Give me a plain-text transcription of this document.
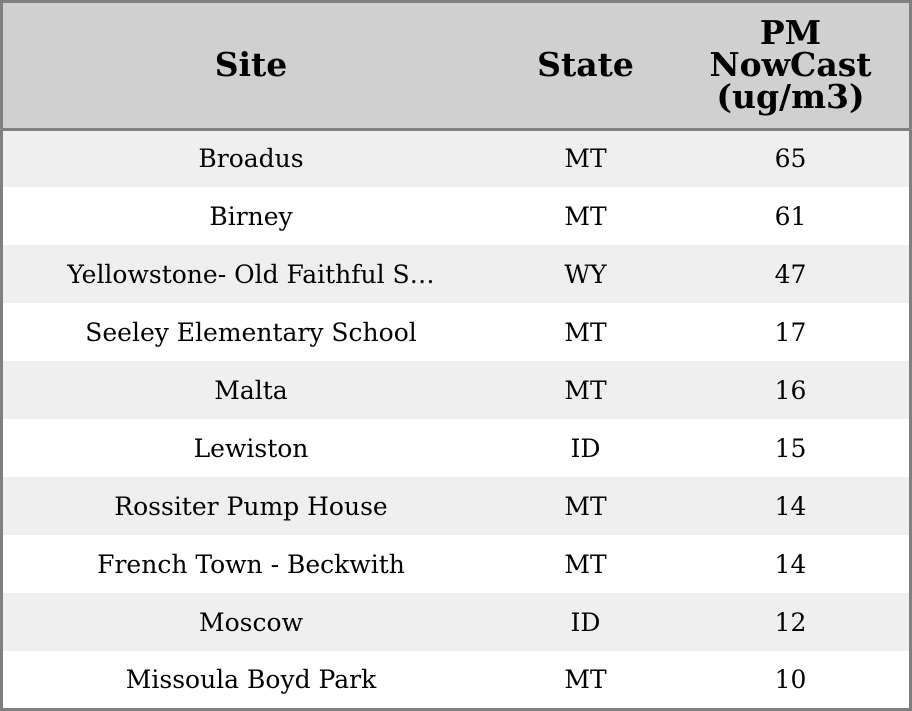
Site	State	PM NowCast (ug/m3)
Broadus	MT	65
Birney	MT	61
Yellowstone- Old Faithful S…	WY	47
Seeley Elementary School	MT	17
Malta	MT	16
Lewiston	ID	15
Rossiter Pump House	MT	14
French Town - Beckwith	MT	14
Moscow	ID	12
Missoula Boyd Park	MT	10
